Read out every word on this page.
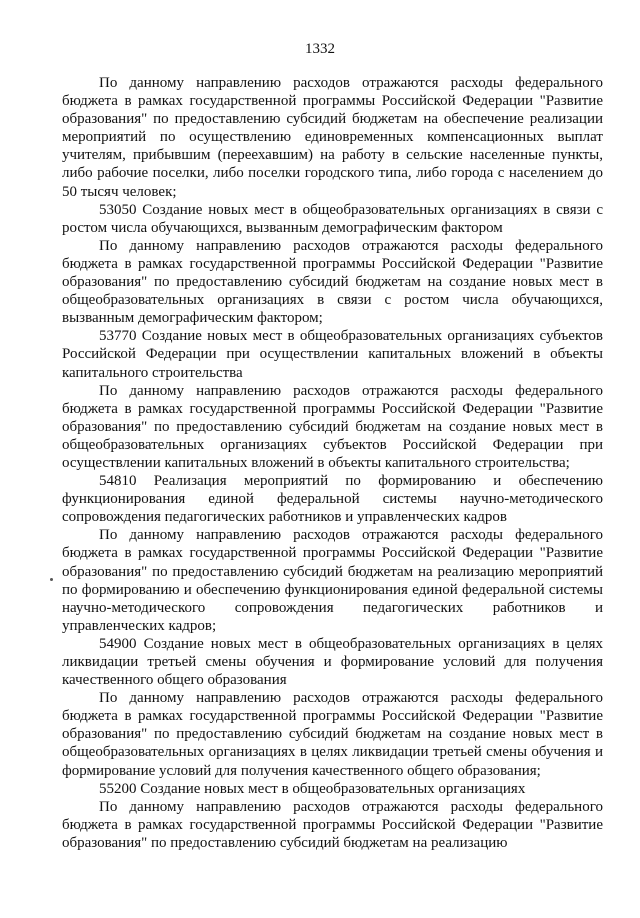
1332

По данному направлению расходов отражаются расходы федерального бюджета в рамках государственной программы Российской Федерации "Развитие образования" по предоставлению субсидий бюджетам на обеспечение реализации мероприятий по осуществлению единовременных компенсационных выплат учителям, прибывшим (переехавшим) на работу в сельские населенные пункты, либо рабочие поселки, либо поселки городского типа, либо города с населением до 50 тысяч человек;

53050 Создание новых мест в общеобразовательных организациях в связи с ростом числа обучающихся, вызванным демографическим фактором

По данному направлению расходов отражаются расходы федерального бюджета в рамках государственной программы Российской Федерации "Развитие образования" по предоставлению субсидий бюджетам на создание новых мест в общеобразовательных организациях в связи с ростом числа обучающихся, вызванным демографическим фактором;

53770 Создание новых мест в общеобразовательных организациях субъектов Российской Федерации при осуществлении капитальных вложений в объекты капитального строительства

По данному направлению расходов отражаются расходы федерального бюджета в рамках государственной программы Российской Федерации "Развитие образования" по предоставлению субсидий бюджетам на создание новых мест в общеобразовательных организациях субъектов Российской Федерации при осуществлении капитальных вложений в объекты капитального строительства;

54810 Реализация мероприятий по формированию и обеспечению функционирования единой федеральной системы научно-методического сопровождения педагогических работников и управленческих кадров

По данному направлению расходов отражаются расходы федерального бюджета в рамках государственной программы Российской Федерации "Развитие образования" по предоставлению субсидий бюджетам на реализацию мероприятий по формированию и обеспечению функционирования единой федеральной системы научно-методического сопровождения педагогических работников и управленческих кадров;

54900 Создание новых мест в общеобразовательных организациях в целях ликвидации третьей смены обучения и формирование условий для получения качественного общего образования

По данному направлению расходов отражаются расходы федерального бюджета в рамках государственной программы Российской Федерации "Развитие образования" по предоставлению субсидий бюджетам на создание новых мест в общеобразовательных организациях в целях ликвидации третьей смены обучения и формирование условий для получения качественного общего образования;

55200 Создание новых мест в общеобразовательных организациях

По данному направлению расходов отражаются расходы федерального бюджета в рамках государственной программы Российской Федерации "Развитие образования" по предоставлению субсидий бюджетам на реализацию
